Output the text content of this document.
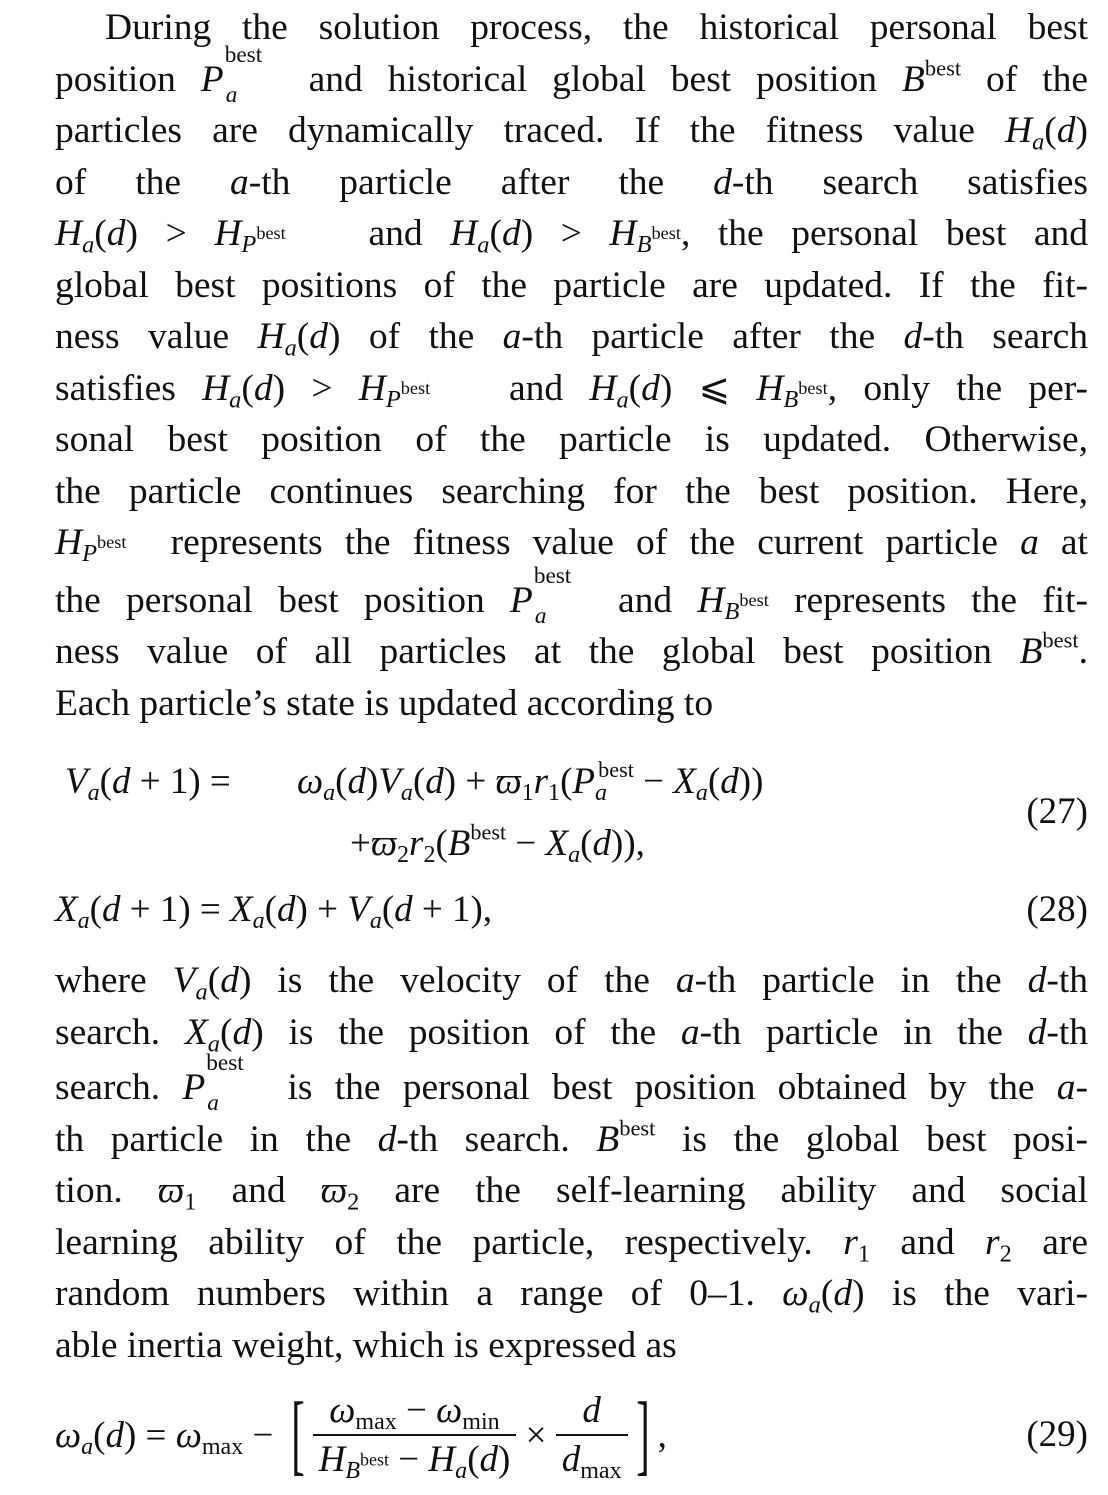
During the solution process, the historical personal best
position P
best
a and historical global best position $B^{best}$ of the
particles are dynamically traced. If the fitness value $H_a(d)$
of the a-th particle after the d-th search satisfies
$H_a(d) > H_{P^{best}}$   and $H_a(d) > H_{B^{best}}$, the personal best and
global best positions of the particle are updated. If the fit-
ness value $H_a(d)$ of the a-th particle after the d-th search
satisfies $H_a(d) > H_{P^{best}}$   and $H_a(d)$ ⩽ $H_{B^{best}}$, only the per-
sonal best position of the particle is updated. Otherwise,
the particle continues searching for the best position. Here,
$H_{P^{best}}$  represents the fitness value of the current particle a at
the personal best position P
best
a and $H_{B^{best}}$ represents the fit-
ness value of all particles at the global best position $B^{best}$.
Each particle’s state is updated according to
$V_a(d + 1) = \omega_a(d)V_a(d) + ϖ_1r_1(P_a^{best} - X_a(d))$
$+ϖ_2r_2(B^{best} - X_a(d))$,
(27)
$X_a(d + 1) = X_a(d) + V_a(d + 1)$,	(28)
where $V_a(d)$ is the velocity of the a-th particle in the d-th
search. $X_a(d)$ is the position of the a-th particle in the d-th
search. P
best
a is the personal best position obtained by the a-
th particle in the d-th search. $B^{best}$ is the global best posi-
tion. $ϖ_1$ and $ϖ_2$ are the self-learning ability and social
learning ability of the particle, respectively. $r_1$ and $r_2$ are
random numbers within a range of 0–1. $\omega_a(d)$ is the vari-
able inertia weight, which is expressed as
$\omega_a(d) = \omega_{max}$ − [ $\frac{\omega_{max} - \omega_{min}}{H_{B^{best}} - H_a(d)} \times \frac{d}{d_{max}}$ ] ,	(29)
